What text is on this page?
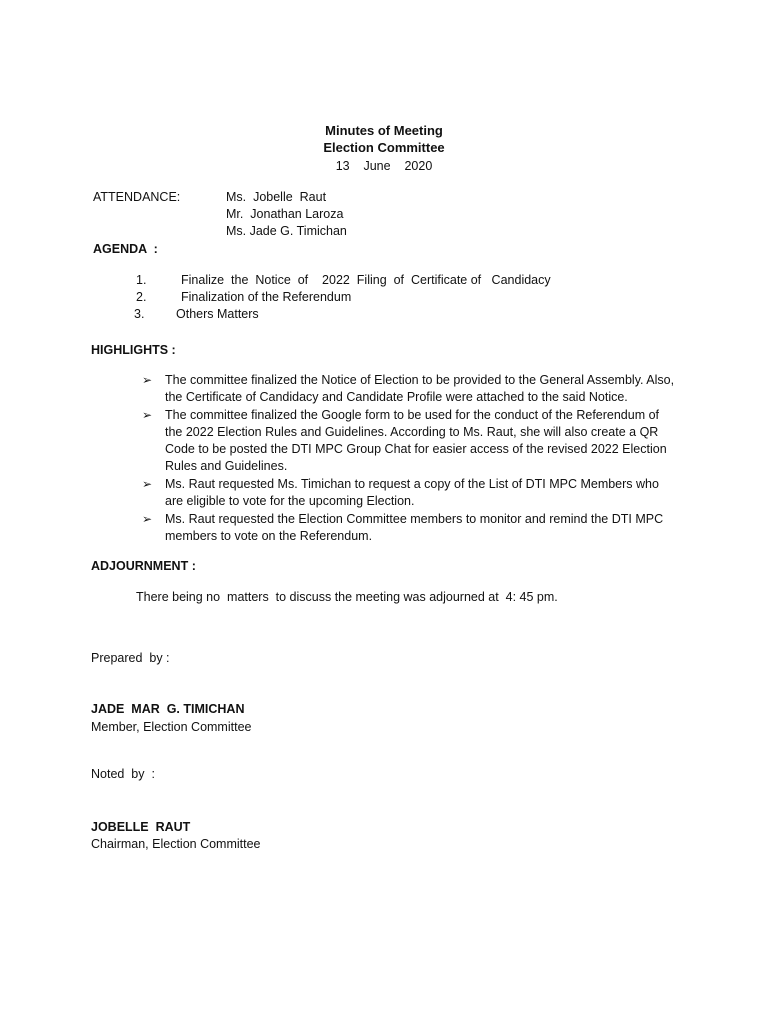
Minutes of Meeting
Election Committee
13    June    2020
ATTENDANCE:	Ms.  Jobelle  Raut
Mr.  Jonathan Laroza
Ms. Jade G. Timichan
AGENDA  :
1.	Finalize  the  Notice  of    2022  Filing  of  Certificate of   Candidacy
2.	Finalization of the Referendum
3.	Others Matters
HIGHLIGHTS :
➢ The committee finalized the Notice of Election to be provided to the General Assembly. Also, the Certificate of Candidacy and Candidate Profile were attached to the said Notice.
➢ The committee finalized the Google form to be used for the conduct of the Referendum of the 2022 Election Rules and Guidelines. According to Ms. Raut, she will also create a QR Code to be posted the DTI MPC Group Chat for easier access of the revised 2022 Election Rules and Guidelines.
➢ Ms. Raut requested Ms. Timichan to request a copy of the List of DTI MPC Members who are eligible to vote for the upcoming Election.
➢ Ms. Raut requested the Election Committee members to monitor and remind the DTI MPC members to vote on the Referendum.
ADJOURNMENT :
There being no  matters  to discuss the meeting was adjourned at  4: 45 pm.
Prepared  by :
JADE  MAR  G. TIMICHAN
Member, Election Committee
Noted  by  :
JOBELLE  RAUT
Chairman, Election Committee
